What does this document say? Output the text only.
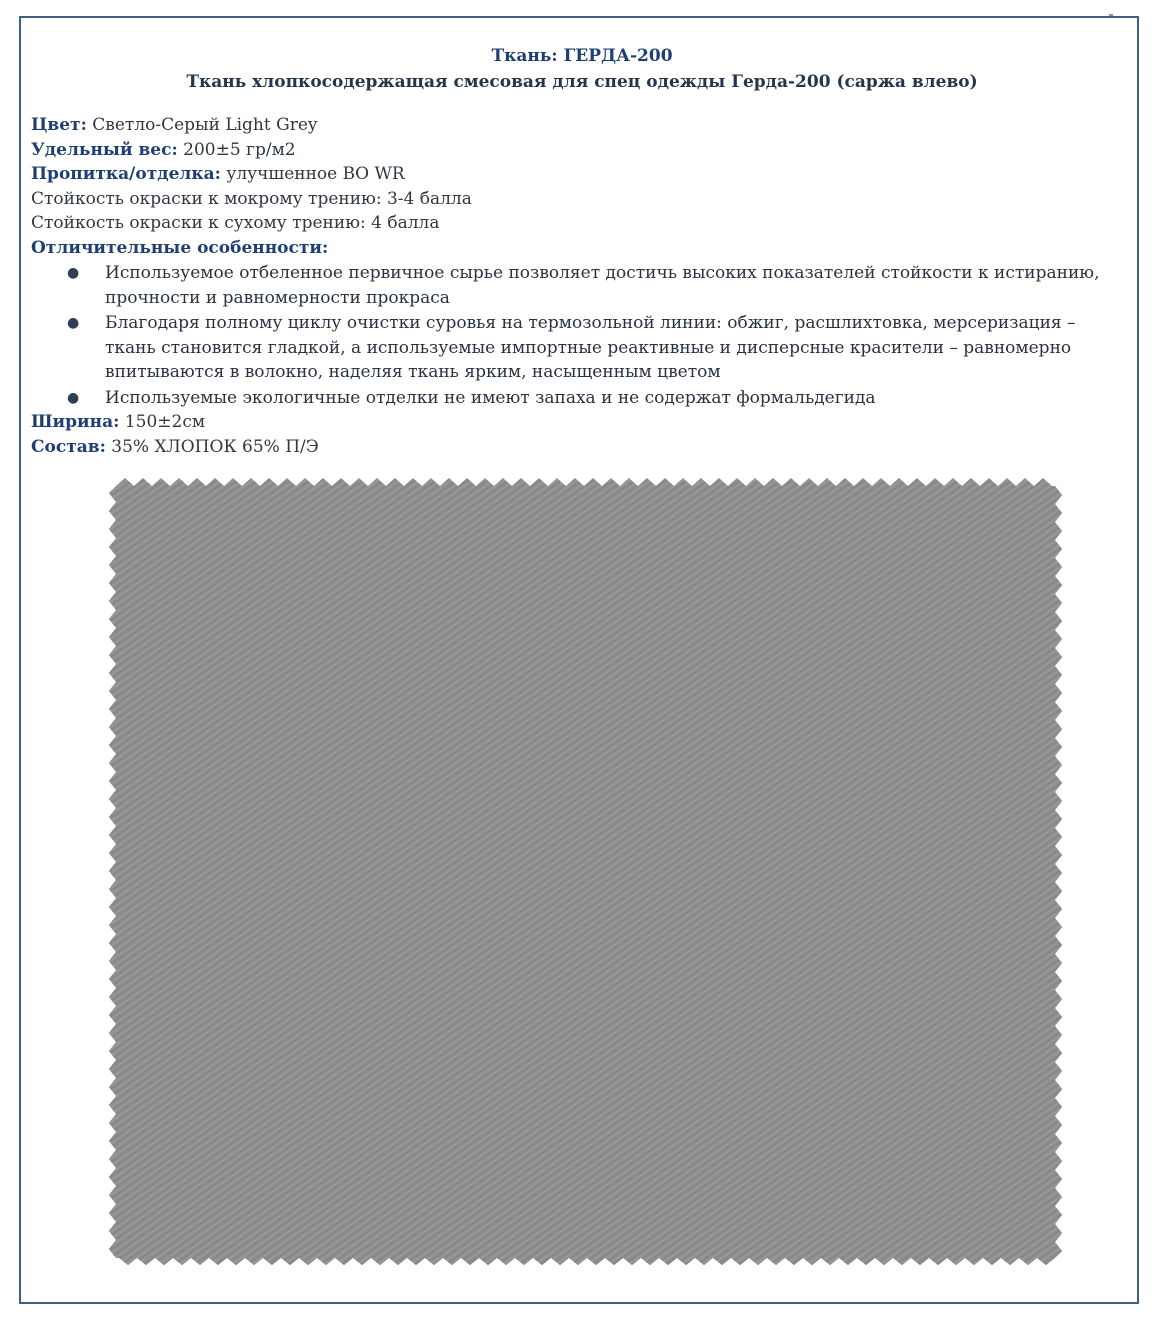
Ткань: ГЕРДА-200
Ткань хлопкосодержащая смесовая для спец одежды Герда-200 (саржа влево)
Цвет: Светло-Серый Light Grey
Удельный вес: 200±5 гр/м2
Пропитка/отделка: улучшенное ВО WR
Стойкость окраски к мокрому трению: 3-4 балла
Стойкость окраски к сухому трению: 4 балла
Отличительные особенности:
● Используемое отбеленное первичное сырье позволяет достичь высоких показателей стойкости к истиранию, прочности и равномерности прокраса
● Благодаря полному циклу очистки суровья на термозольной линии: обжиг, расшлихтовка, мерсеризация – ткань становится гладкой, а используемые импортные реактивные и дисперсные красители – равномерно впитываются в волокно, наделяя ткань ярким, насыщенным цветом
● Используемые экологичные отделки не имеют запаха и не содержат формальдегида
Ширина: 150±2см
Состав: 35% ХЛОПОК 65% П/Э
